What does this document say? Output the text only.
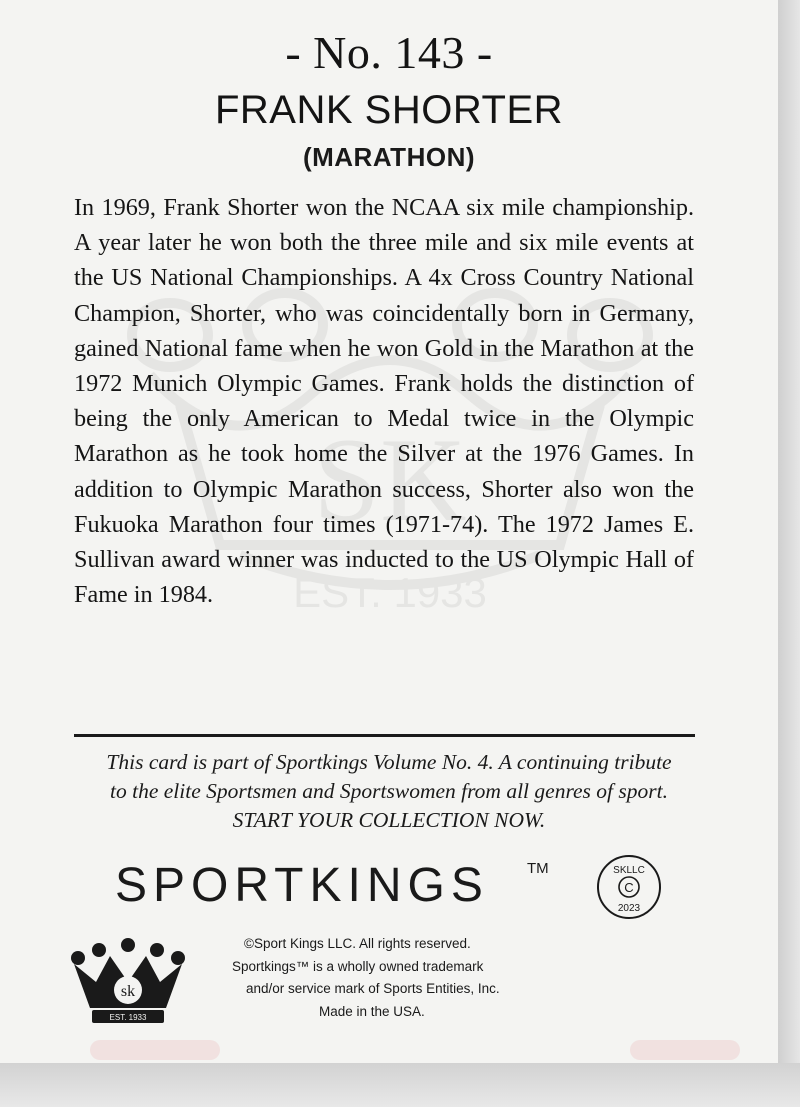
SK
EST. 1933
- No. 143 -
FRANK SHORTER
(MARATHON)

In 1969, Frank Shorter won the NCAA six mile championship. A year later he won both the three mile and six mile events at the US National Championships. A 4x Cross Country National Champion, Shorter, who was coincidentally born in Germany, gained National fame when he won Gold in the Marathon at the 1972 Munich Olympic Games. Frank holds the distinction of being the only American to Medal twice in the Olympic Marathon as he took home the Silver at the 1976 Games. In addition to Olympic Marathon success, Shorter also won the Fukuoka Marathon four times (1971-74). The 1972 James E. Sullivan award winner was inducted to the US Olympic Hall of Fame in 1984.

This card is part of Sportkings Volume No. 4. A continuing tribute
to the elite Sportsmen and Sportswomen from all genres of sport.
START YOUR COLLECTION NOW.
SPORTKINGS	TM
C
SKLLC
2023
sk
EST. 1933
©Sport Kings LLC. All rights reserved.
Sportkings™ is a wholly owned trademark
and/or service mark of Sports Entities, Inc.
Made in the USA.
